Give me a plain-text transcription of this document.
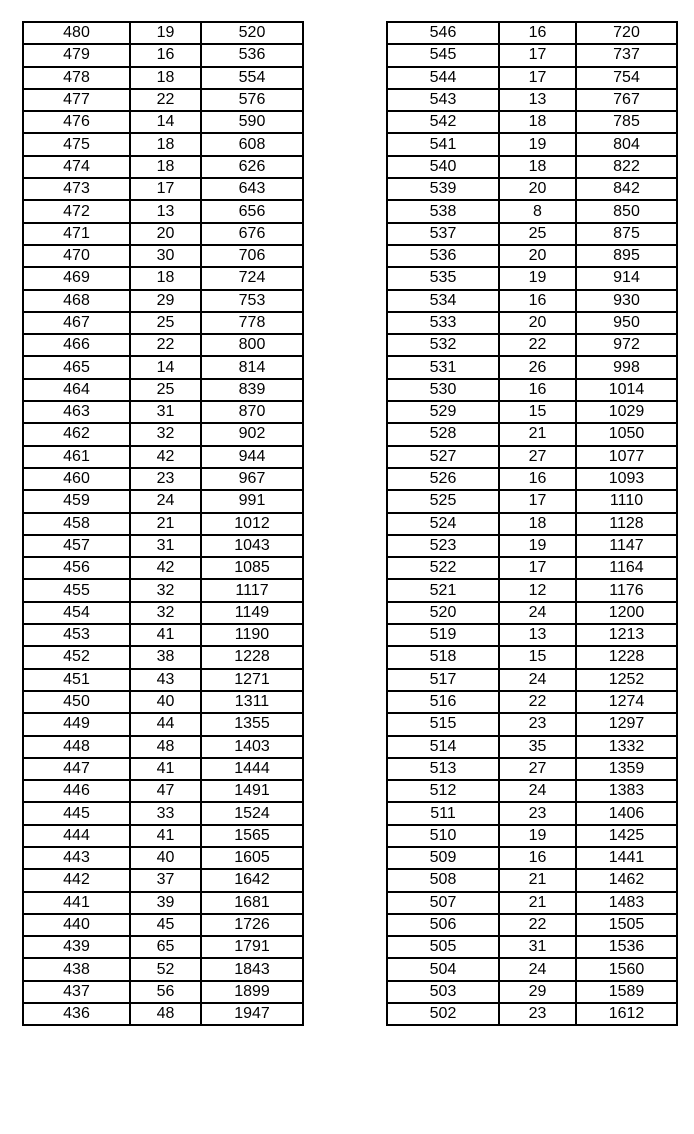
480	19	520
479	16	536
478	18	554
477	22	576
476	14	590
475	18	608
474	18	626
473	17	643
472	13	656
471	20	676
470	30	706
469	18	724
468	29	753
467	25	778
466	22	800
465	14	814
464	25	839
463	31	870
462	32	902
461	42	944
460	23	967
459	24	991
458	21	1012
457	31	1043
456	42	1085
455	32	1117
454	32	1149
453	41	1190
452	38	1228
451	43	1271
450	40	1311
449	44	1355
448	48	1403
447	41	1444
446	47	1491
445	33	1524
444	41	1565
443	40	1605
442	37	1642
441	39	1681
440	45	1726
439	65	1791
438	52	1843
437	56	1899
436	48	1947
546	16	720
545	17	737
544	17	754
543	13	767
542	18	785
541	19	804
540	18	822
539	20	842
538	8	850
537	25	875
536	20	895
535	19	914
534	16	930
533	20	950
532	22	972
531	26	998
530	16	1014
529	15	1029
528	21	1050
527	27	1077
526	16	1093
525	17	1110
524	18	1128
523	19	1147
522	17	1164
521	12	1176
520	24	1200
519	13	1213
518	15	1228
517	24	1252
516	22	1274
515	23	1297
514	35	1332
513	27	1359
512	24	1383
511	23	1406
510	19	1425
509	16	1441
508	21	1462
507	21	1483
506	22	1505
505	31	1536
504	24	1560
503	29	1589
502	23	1612
